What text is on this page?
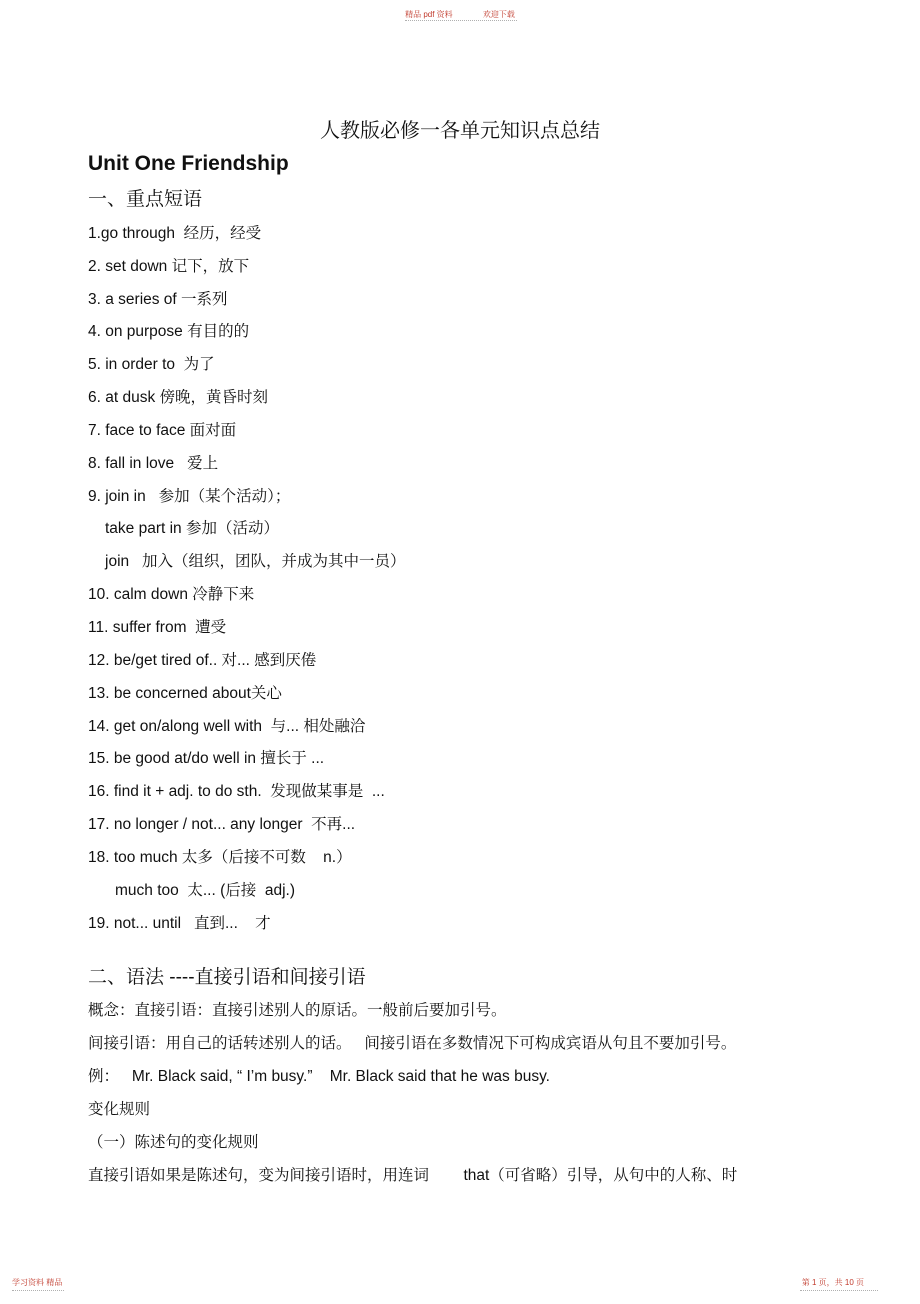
精品 pdf 资料	欢迎下载
人教版必修一各单元知识点总结
Unit One Friendship
一、重点短语
1.go through  经历，经受
2. set down 记下，放下
3. a series of 一系列
4. on purpose 有目的的
5. in order to  为了
6. at dusk 傍晚，黄昏时刻
7. face to face 面对面
8. fall in love   爱上
9. join in   参加（某个活动）；
take part in 参加（活动）
join   加入（组织，团队，并成为其中一员）
10. calm down 冷静下来
11. suffer from  遭受
12. be/get tired of.. 对... 感到厌倦
13. be concerned about关心
14. get on/along well with  与... 相处融洽
15. be good at/do well in 擅长于 ...
16. find it + adj. to do sth.  发现做某事是  ...
17. no longer / not... any longer  不再...
18. too much 太多（后接不可数    n.）
much too  太... (后接  adj.)
19. not... until   直到...    才
二、语法 ----直接引语和间接引语
概念：直接引语：直接引述别人的原话。一般前后要加引号。
间接引语：用自己的话转述别人的话。   间接引语在多数情况下可构成宾语从句且不要加引号。
例：   Mr. Black said, “ I’m busy.”    Mr. Black said that he was busy.
变化规则
（一）陈述句的变化规则
直接引语如果是陈述句，变为间接引语时，用连词        that（可省略）引导，从句中的人称、时
学习资料 精品	第 1 页，共 10 页
